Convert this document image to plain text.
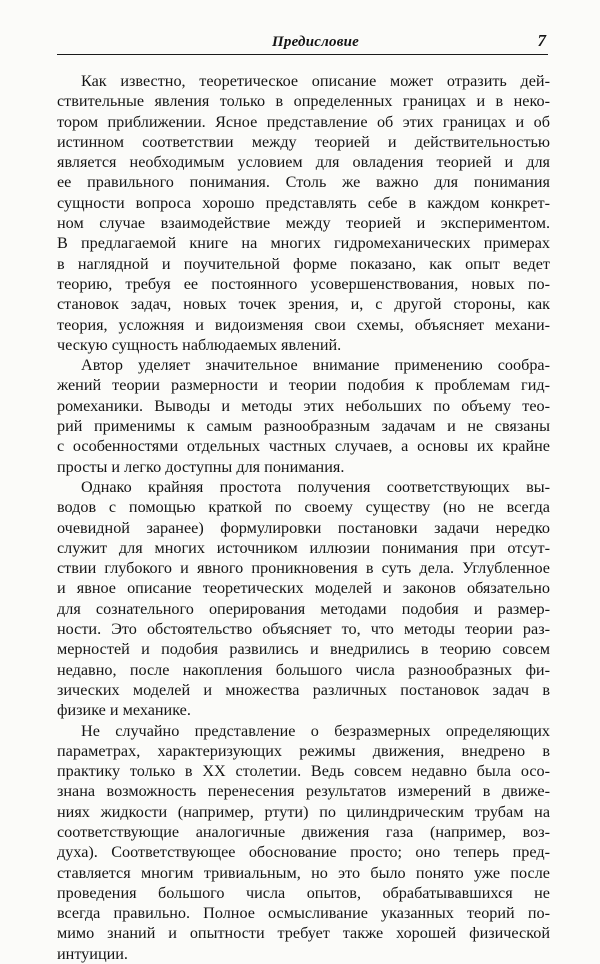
Предисловие	7
Как известно, теоретическое описание может отразить дей-
ствительные явления только в определенных границах и в неко-
тором приближении. Ясное представление об этих границах и об
истинном соответствии между теорией и действительностью
является необходимым условием для овладения теорией и для
ее правильного понимания. Столь же важно для понимания
сущности вопроса хорошо представлять себе в каждом конкрет-
ном случае взаимодействие между теорией и экспериментом.
В предлагаемой книге на многих гидромеханических примерах
в наглядной и поучительной форме показано, как опыт ведет
теорию, требуя ее постоянного усовершенствования, новых по-
становок задач, новых точек зрения, и, с другой стороны, как
теория, усложняя и видоизменяя свои схемы, объясняет механи-
ческую сущность наблюдаемых явлений.
Автор уделяет значительное внимание применению сообра-
жений теории размерности и теории подобия к проблемам гид-
ромеханики. Выводы и методы этих небольших по объему тео-
рий применимы к самым разнообразным задачам и не связаны
с особенностями отдельных частных случаев, а основы их крайне
просты и легко доступны для понимания.
Однако крайняя простота получения соответствующих вы-
водов с помощью краткой по своему существу (но не всегда
очевидной заранее) формулировки постановки задачи нередко
служит для многих источником иллюзии понимания при отсут-
ствии глубокого и явного проникновения в суть дела. Углубленное
и явное описание теоретических моделей и законов обязательно
для сознательного оперирования методами подобия и размер-
ности. Это обстоятельство объясняет то, что методы теории раз-
мерностей и подобия развились и внедрились в теорию совсем
недавно, после накопления большого числа разнообразных фи-
зических моделей и множества различных постановок задач в
физике и механике.
Не случайно представление о безразмерных определяющих
параметрах, характеризующих режимы движения, внедрено в
практику только в XX столетии. Ведь совсем недавно была осо-
знана возможность перенесения результатов измерений в движе-
ниях жидкости (например, ртути) по цилиндрическим трубам на
соответствующие аналогичные движения газа (например, воз-
духа). Соответствующее обоснование просто; оно теперь пред-
ставляется многим тривиальным, но это было понято уже после
проведения большого числа опытов, обрабатывавшихся не
всегда правильно. Полное осмысливание указанных теорий по-
мимо знаний и опытности требует также хорошей физической
интуиции.
